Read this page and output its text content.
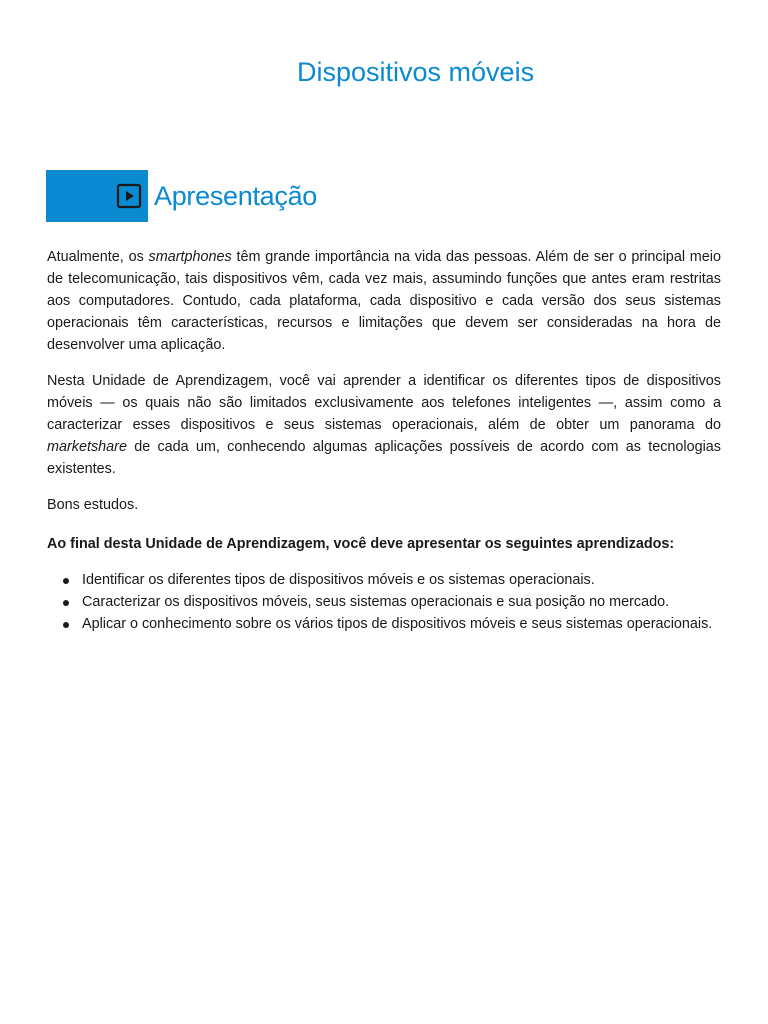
Dispositivos móveis
Apresentação

Atualmente, os smartphones têm grande importância na vida das pessoas. Além de ser o principal meio de telecomunicação, tais dispositivos vêm, cada vez mais, assumindo funções que antes eram restritas aos computadores. Contudo, cada plataforma, cada dispositivo e cada versão dos seus sistemas operacionais têm características, recursos e limitações que devem ser consideradas na hora de desenvolver uma aplicação.

Nesta Unidade de Aprendizagem, você vai aprender a identificar os diferentes tipos de dispositivos móveis — os quais não são limitados exclusivamente aos telefones inteligentes —, assim como a caracterizar esses dispositivos e seus sistemas operacionais, além de obter um panorama do marketshare de cada um, conhecendo algumas aplicações possíveis de acordo com as tecnologias existentes.

Bons estudos.

Ao final desta Unidade de Aprendizagem, você deve apresentar os seguintes aprendizados:

Identificar os diferentes tipos de dispositivos móveis e os sistemas operacionais.
Caracterizar os dispositivos móveis, seus sistemas operacionais e sua posição no mercado.
Aplicar o conhecimento sobre os vários tipos de dispositivos móveis e seus sistemas operacionais.
